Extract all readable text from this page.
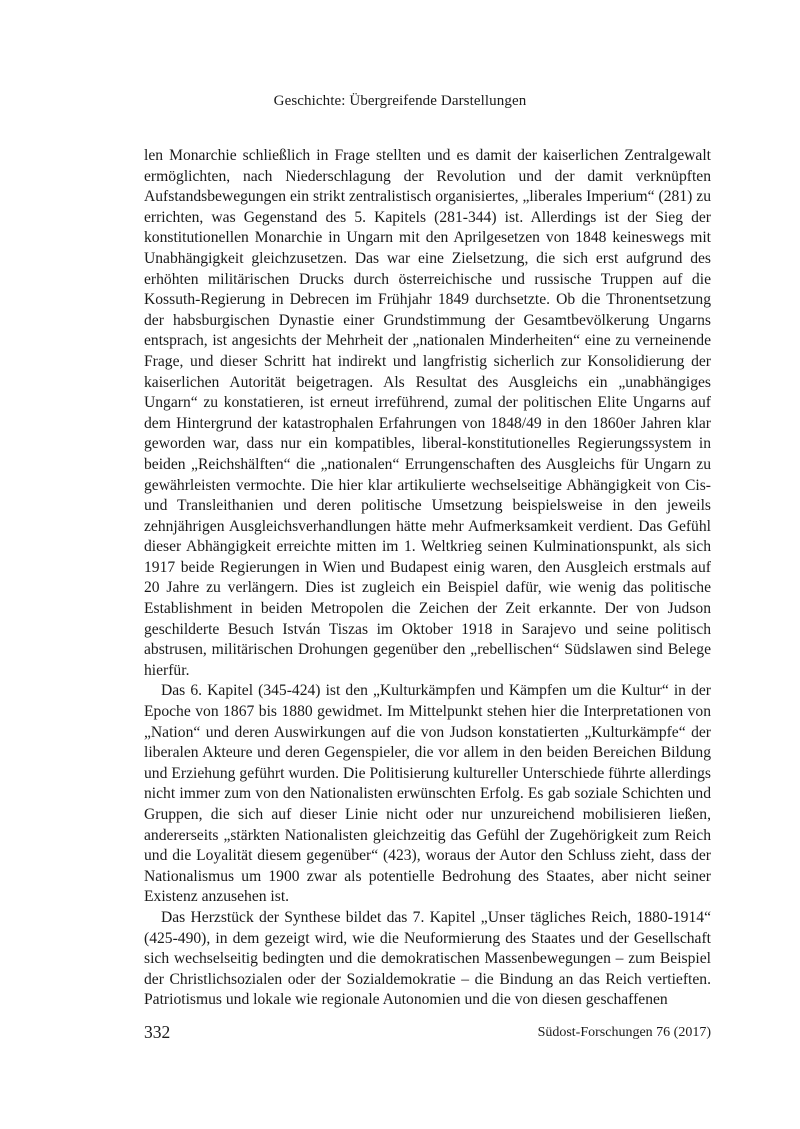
Geschichte: Übergreifende Darstellungen

len Monarchie schließlich in Frage stellten und es damit der kaiserlichen Zentralgewalt ermöglichten, nach Niederschlagung der Revolution und der damit verknüpften Aufstandsbewegungen ein strikt zentralistisch organisiertes, „liberales Imperium“ (281) zu errichten, was Gegenstand des 5. Kapitels (281-344) ist. Allerdings ist der Sieg der konstitutionellen Monarchie in Ungarn mit den Aprilgesetzen von 1848 keineswegs mit Unabhängigkeit gleichzusetzen. Das war eine Zielsetzung, die sich erst aufgrund des erhöhten militärischen Drucks durch österreichische und russische Truppen auf die Kossuth-Regierung in Debrecen im Frühjahr 1849 durchsetzte. Ob die Thronentsetzung der habsburgischen Dynastie einer Grundstimmung der Gesamtbevölkerung Ungarns entsprach, ist angesichts der Mehrheit der „nationalen Minderheiten“ eine zu verneinende Frage, und dieser Schritt hat indirekt und langfristig sicherlich zur Konsolidierung der kaiserlichen Autorität beigetragen. Als Resultat des Ausgleichs ein „unabhängiges Ungarn“ zu konstatieren, ist erneut irreführend, zumal der politischen Elite Ungarns auf dem Hintergrund der katastrophalen Erfahrungen von 1848/49 in den 1860er Jahren klar geworden war, dass nur ein kompatibles, liberal-konstitutionelles Regierungssystem in beiden „Reichshälften“ die „nationalen“ Errungenschaften des Ausgleichs für Ungarn zu gewährleisten vermochte. Die hier klar artikulierte wechselseitige Abhängigkeit von Cis- und Transleithanien und deren politische Umsetzung beispielsweise in den jeweils zehnjährigen Ausgleichsverhandlungen hätte mehr Aufmerksamkeit verdient. Das Gefühl dieser Abhängigkeit erreichte mitten im 1. Weltkrieg seinen Kulminationspunkt, als sich 1917 beide Regierungen in Wien und Budapest einig waren, den Ausgleich erstmals auf 20 Jahre zu verlängern. Dies ist zugleich ein Beispiel dafür, wie wenig das politische Establishment in beiden Metropolen die Zeichen der Zeit erkannte. Der von Judson geschilderte Besuch István Tiszas im Oktober 1918 in Sarajevo und seine politisch abstrusen, militärischen Drohungen gegenüber den „rebellischen“ Südslawen sind Belege hierfür.

Das 6. Kapitel (345-424) ist den „Kulturkämpfen und Kämpfen um die Kultur“ in der Epoche von 1867 bis 1880 gewidmet. Im Mittelpunkt stehen hier die Interpretationen von „Nation“ und deren Auswirkungen auf die von Judson konstatierten „Kulturkämpfe“ der liberalen Akteure und deren Gegenspieler, die vor allem in den beiden Bereichen Bildung und Erziehung geführt wurden. Die Politisierung kultureller Unterschiede führte allerdings nicht immer zum von den Nationalisten erwünschten Erfolg. Es gab soziale Schichten und Gruppen, die sich auf dieser Linie nicht oder nur unzureichend mobilisieren ließen, andererseits „stärkten Nationalisten gleichzeitig das Gefühl der Zugehörigkeit zum Reich und die Loyalität diesem gegenüber“ (423), woraus der Autor den Schluss zieht, dass der Nationalismus um 1900 zwar als potentielle Bedrohung des Staates, aber nicht seiner Existenz anzusehen ist.

Das Herzstück der Synthese bildet das 7. Kapitel „Unser tägliches Reich, 1880-1914“ (425-490), in dem gezeigt wird, wie die Neuformierung des Staates und der Gesellschaft sich wechselseitig bedingten und die demokratischen Massenbewegungen – zum Beispiel der Christlichsozialen oder der Sozialdemokratie – die Bindung an das Reich vertieften. Patriotismus und lokale wie regionale Autonomien und die von diesen geschaffenen

332	Südost-Forschungen 76 (2017)
